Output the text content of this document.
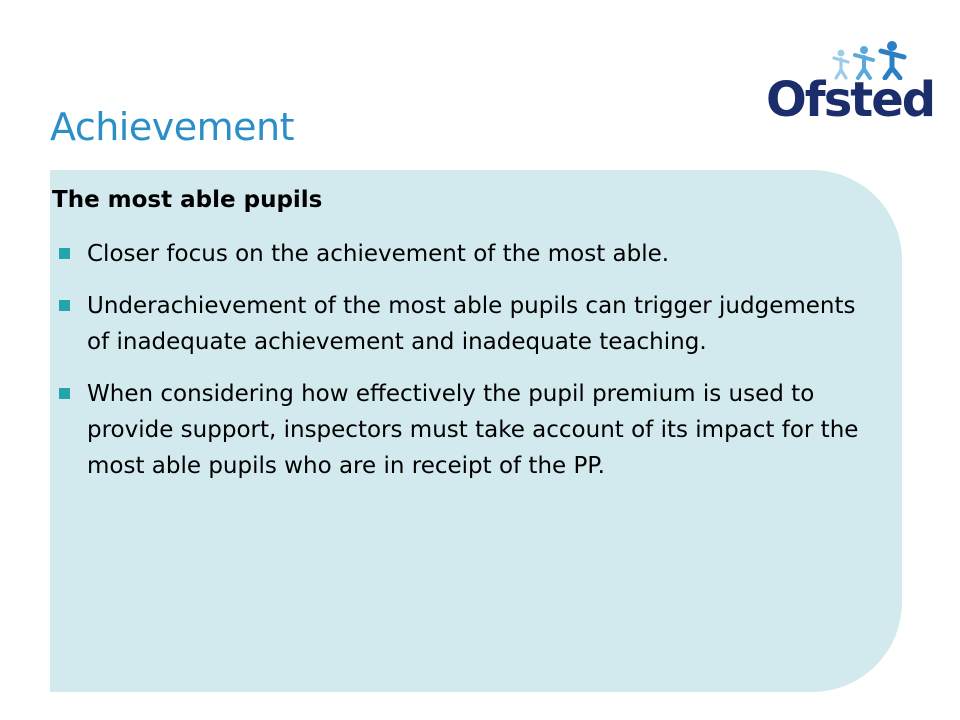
Achievement	Ofsted
The most able pupils
Closer focus on the achievement of the most able.
Underachievement of the most able pupils can trigger judgements of inadequate achievement and inadequate teaching.
When considering how effectively the pupil premium is used to provide support, inspectors must take account of its impact for the most able pupils who are in receipt of the PP.
